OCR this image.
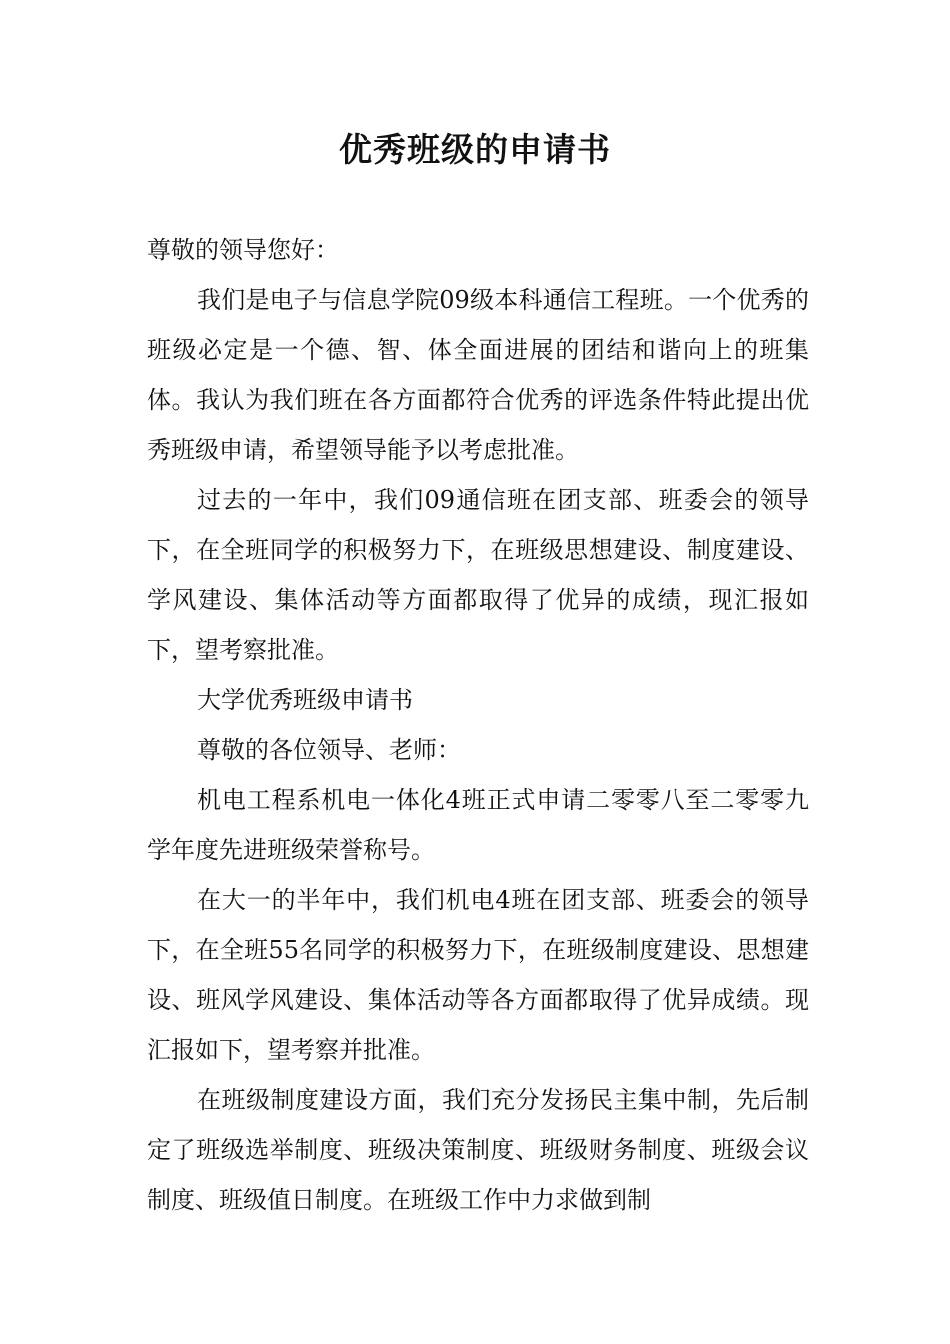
优秀班级的申请书

尊敬的领导您好：

我们是电子与信息学院09级本科通信工程班。一个优秀的班级必定是一个德、智、体全面进展的团结和谐向上的班集体。我认为我们班在各方面都符合优秀的评选条件特此提出优秀班级申请，希望领导能予以考虑批准。

过去的一年中，我们09通信班在团支部、班委会的领导下，在全班同学的积极努力下，在班级思想建设、制度建设、学风建设、集体活动等方面都取得了优异的成绩，现汇报如下，望考察批准。

大学优秀班级申请书

尊敬的各位领导、老师：

机电工程系机电一体化4班正式申请二零零八至二零零九学年度先进班级荣誉称号。

在大一的半年中，我们机电4班在团支部、班委会的领导下，在全班55名同学的积极努力下，在班级制度建设、思想建设、班风学风建设、集体活动等各方面都取得了优异成绩。现汇报如下，望考察并批准。

在班级制度建设方面，我们充分发扬民主集中制，先后制定了班级选举制度、班级决策制度、班级财务制度、班级会议制度、班级值日制度。在班级工作中力求做到制
